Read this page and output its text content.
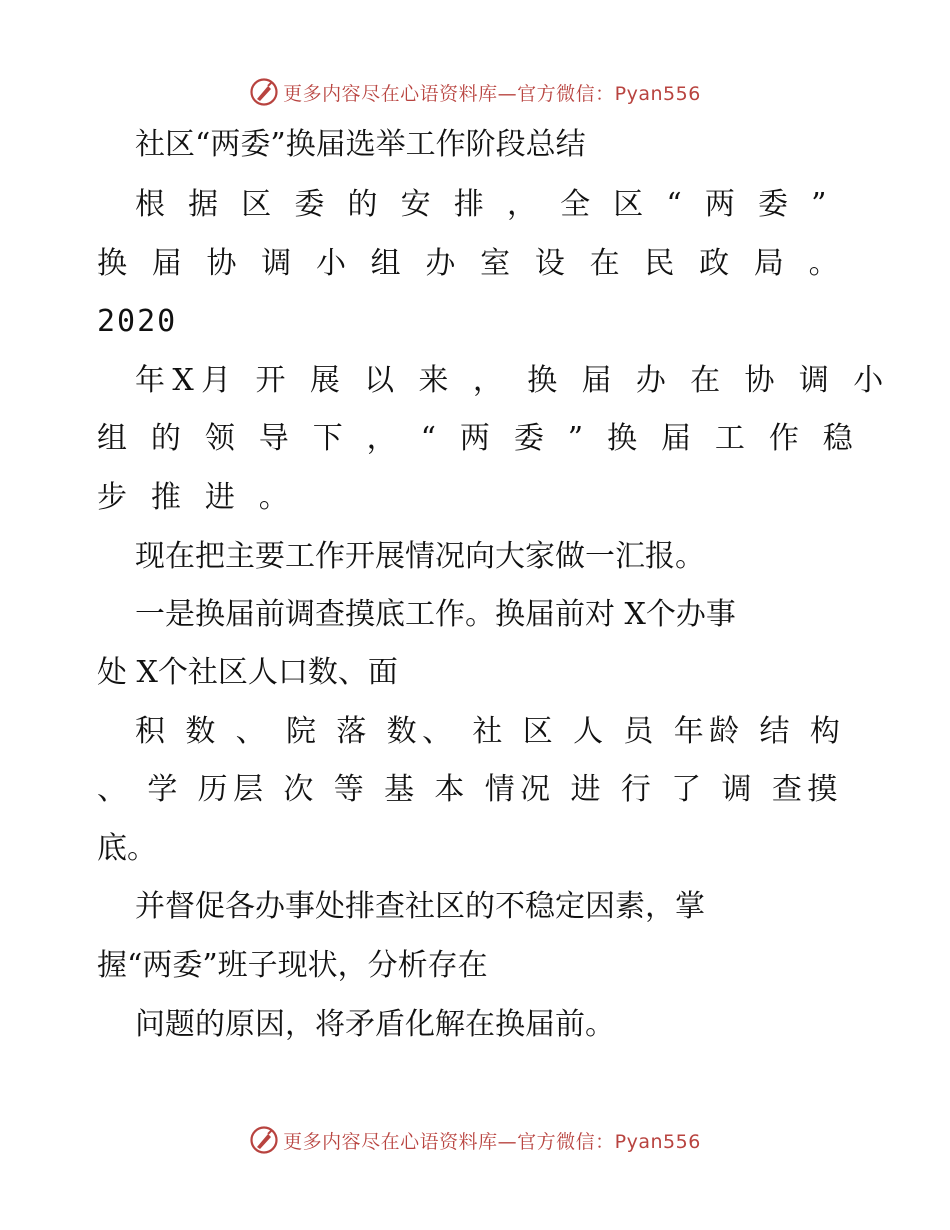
更多内容尽在心语资料库—官方微信：Pyan556
社区“两委”换届选举工作阶段总结
根 据 区 委 的 安 排 ， 全 区 “ 两 委 ”
换 届 协 调 小 组 办 室 设 在 民 政 局 。
2020
年X月 开 展 以 来 ， 换 届 办 在 协 调 小
组 的 领 导 下 ， “ 两 委 ” 换 届 工 作 稳
步 推 进 。
现在把主要工作开展情况向大家做一汇报。
一是换届前调查摸底工作。换届前对 X个办事
处 X个社区人口数、面
积 数 、 院 落 数、 社 区 人 员 年龄 结 构
、 学 历层 次 等 基 本 情况 进 行 了 调 查摸
底。
并督促各办事处排查社区的不稳定因素，掌
握“两委”班子现状，分析存在
问题的原因，将矛盾化解在换届前。
更多内容尽在心语资料库—官方微信：Pyan556
